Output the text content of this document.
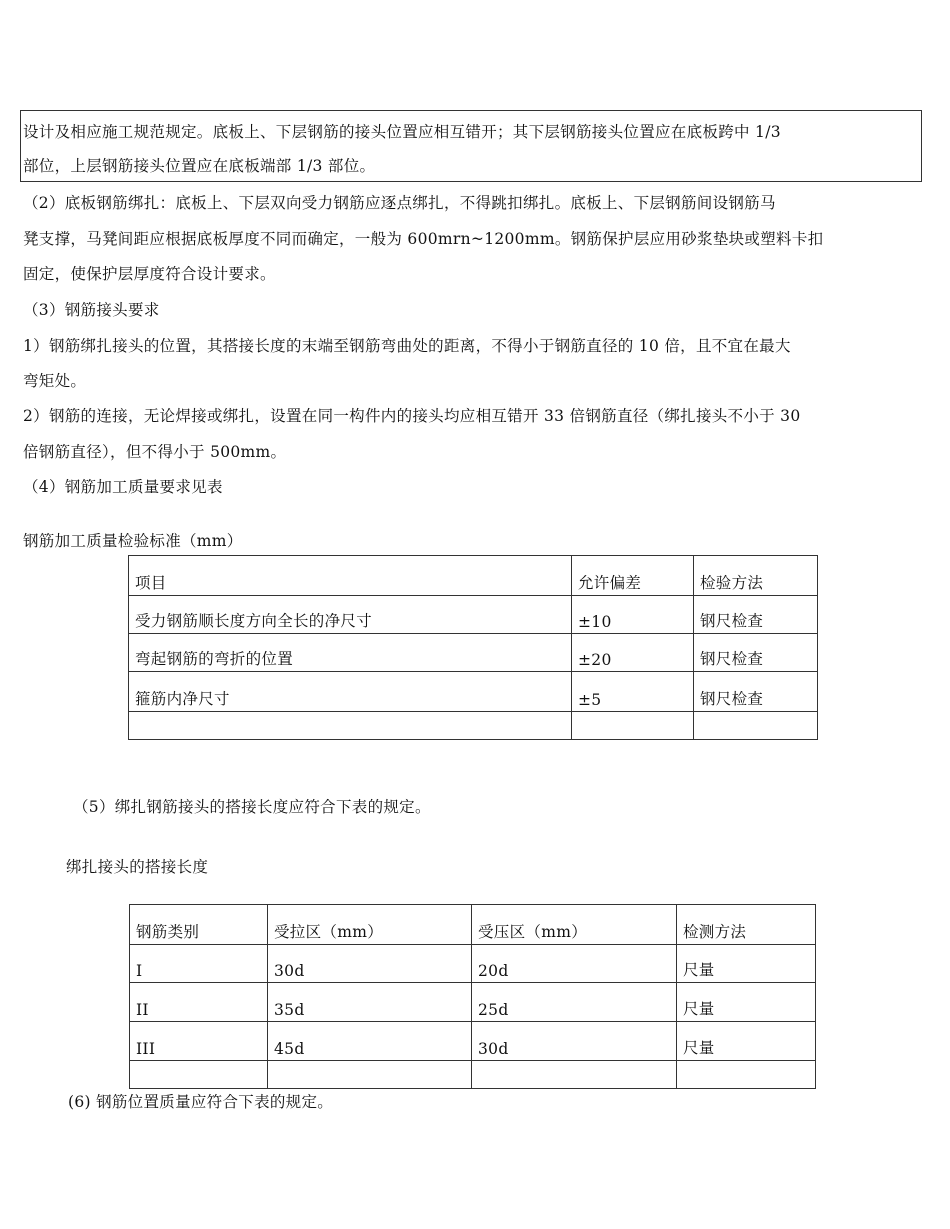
设计及相应施工规范规定。底板上、下层钢筋的接头位置应相互错开；其下层钢筋接头位置应在底板跨中 1/3
部位，上层钢筋接头位置应在底板端部 1/3 部位。
（2）底板钢筋绑扎：底板上、下层双向受力钢筋应逐点绑扎，不得跳扣绑扎。底板上、下层钢筋间设钢筋马
凳支撑，马凳间距应根据底板厚度不同而确定，一般为 600mrn~1200mm。钢筋保护层应用砂浆垫块或塑料卡扣
固定，使保护层厚度符合设计要求。
（3）钢筋接头要求
1）钢筋绑扎接头的位置，其搭接长度的末端至钢筋弯曲处的距离，不得小于钢筋直径的 10 倍，且不宜在最大
弯矩处。
2）钢筋的连接，无论焊接或绑扎，设置在同一构件内的接头均应相互错开 33 倍钢筋直径（绑扎接头不小于 30
倍钢筋直径），但不得小于 500mm。
（4）钢筋加工质量要求见表
钢筋加工质量检验标准（mm）
项目	允许偏差	检验方法
受力钢筋顺长度方向全长的净尺寸	±10	钢尺检查
弯起钢筋的弯折的位置	±20	钢尺检查
箍筋内净尺寸	±5	钢尺检查

（5）绑扎钢筋接头的搭接长度应符合下表的规定。
绑扎接头的搭接长度
钢筋类别	受拉区（mm）	受压区（mm）	检测方法
I	30d	20d	尺量
II	35d	25d	尺量
III	45d	30d	尺量

(6) 钢筋位置质量应符合下表的规定。
